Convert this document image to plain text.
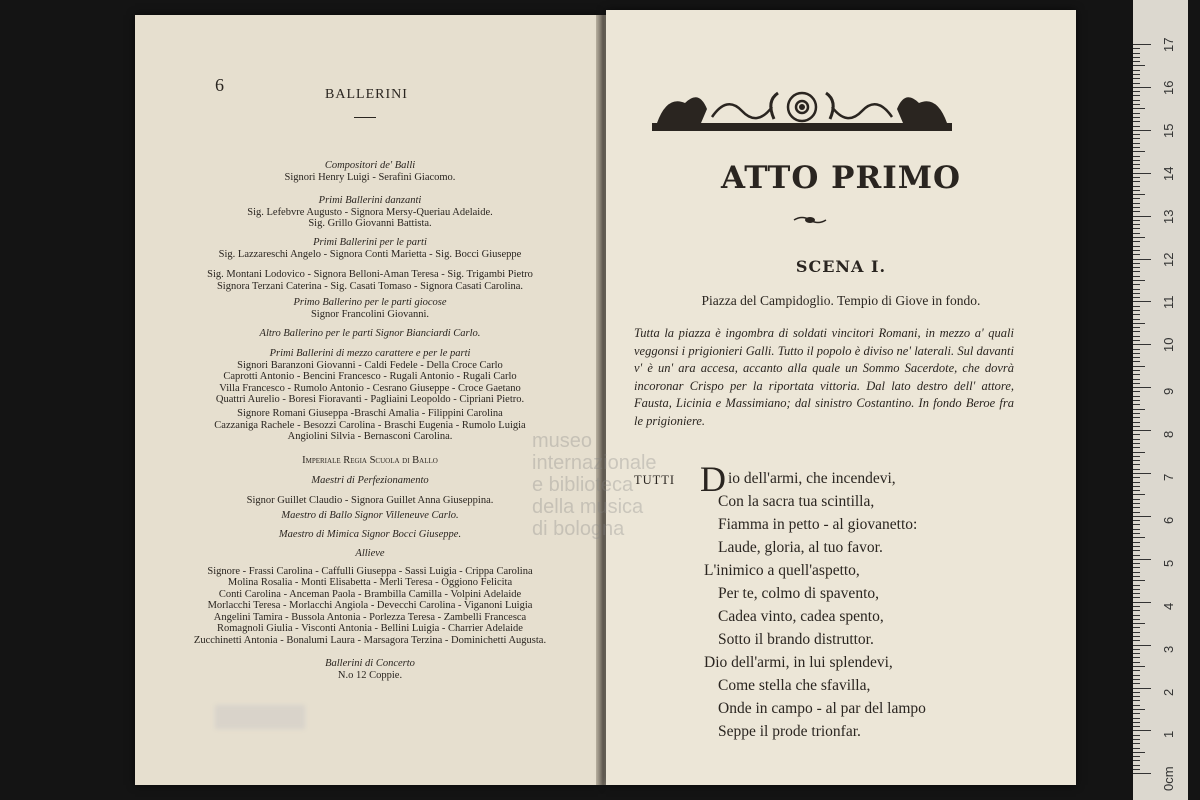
6	BALLERINI
Compositori de' Balli
Signori Henry Luigi - Serafini Giacomo.
Primi Ballerini danzanti
Sig. Lefebvre Augusto - Signora Mersy-Queriau Adelaide.
Sig. Grillo Giovanni Battista.
Primi Ballerini per le parti
Sig. Lazzareschi Angelo - Signora Conti Marietta - Sig. Bocci Giuseppe
Sig. Montani Lodovico - Signora Belloni-Aman Teresa - Sig. Trigambi Pietro
Signora Terzani Caterina - Sig. Casati Tomaso - Signora Casati Carolina.
Primo Ballerino per le parti giocose
Signor Francolini Giovanni.
Altro Ballerino per le parti Signor Bianciardi Carlo.
Primi Ballerini di mezzo carattere e per le parti
Signori Baranzoni Giovanni - Caldi Fedele - Della Croce Carlo
Caprotti Antonio - Bencini Francesco - Rugali Antonio - Rugali Carlo
Villa Francesco - Rumolo Antonio - Cesrano Giuseppe - Croce Gaetano
Quattri Aurelio - Boresi Fioravanti - Pagliaini Leopoldo - Cipriani Pietro.
Signore Romani Giuseppa -Braschi Amalia - Filippini Carolina
Cazzaniga Rachele - Besozzi Carolina - Braschi Eugenia - Rumolo Luigia
Angiolini Silvia - Bernasconi Carolina.
Imperiale Regia Scuola di Ballo
Maestri di Perfezionamento
Signor Guillet Claudio - Signora Guillet Anna Giuseppina.
Maestro di Ballo Signor Villeneuve Carlo.
Maestro di Mimica Signor Bocci Giuseppe.
Allieve
Signore - Frassi Carolina - Caffulli Giuseppa - Sassi Luigia - Crippa Carolina
Molina Rosalia - Monti Elisabetta - Merli Teresa - Oggiono Felicita
Conti Carolina - Anceman Paola - Brambilla Camilla - Volpini Adelaide
Morlacchi Teresa - Morlacchi Angiola - Devecchi Carolina - Viganoni Luigia
Angelini Tamira - Bussola Antonia - Porlezza Teresa - Zambelli Francesca
Romagnoli Giulia - Visconti Antonia - Bellini Luigia - Charrier Adelaide
Zucchinetti Antonia - Bonalumi Laura - Marsagora Terzina - Dominichetti Augusta.
Ballerini di Concerto
N.o 12 Coppie.
ATTO PRIMO
SCENA I.
Piazza del Campidoglio. Tempio di Giove in fondo.
Tutta la piazza è ingombra di soldati vincitori Romani, in mezzo a' quali veggonsi i prigionieri Galli. Tutto il popolo è diviso ne' laterali. Sul davanti v' è un' ara accesa, accanto alla quale un Sommo Sacerdote, che dovrà incoronar Crispo per la riportata vittoria. Dal lato destro dell' attore, Fausta, Licinia e Massimiano; dal sinistro Costantino. In fondo Beroe fra le prigioniere.
TUTTI D io dell'armi, che incendevi,
Con la sacra tua scintilla,
Fiamma in petto - al giovanetto:
Laude, gloria, al tuo favor.
L'inimico a quell'aspetto,
Per te, colmo di spavento,
Cadea vinto, cadea spento,
Sotto il brando distruttor.
Dio dell'armi, in lui splendevi,
Come stella che sfavilla,
Onde in campo - al par del lampo
Seppe il prode trionfar.
museo internazionale
e biblioteca
della musica
di bologna
17
16
15
14
13
12
11
10
9
8
7
6
5
4
3
2
1
0cm
